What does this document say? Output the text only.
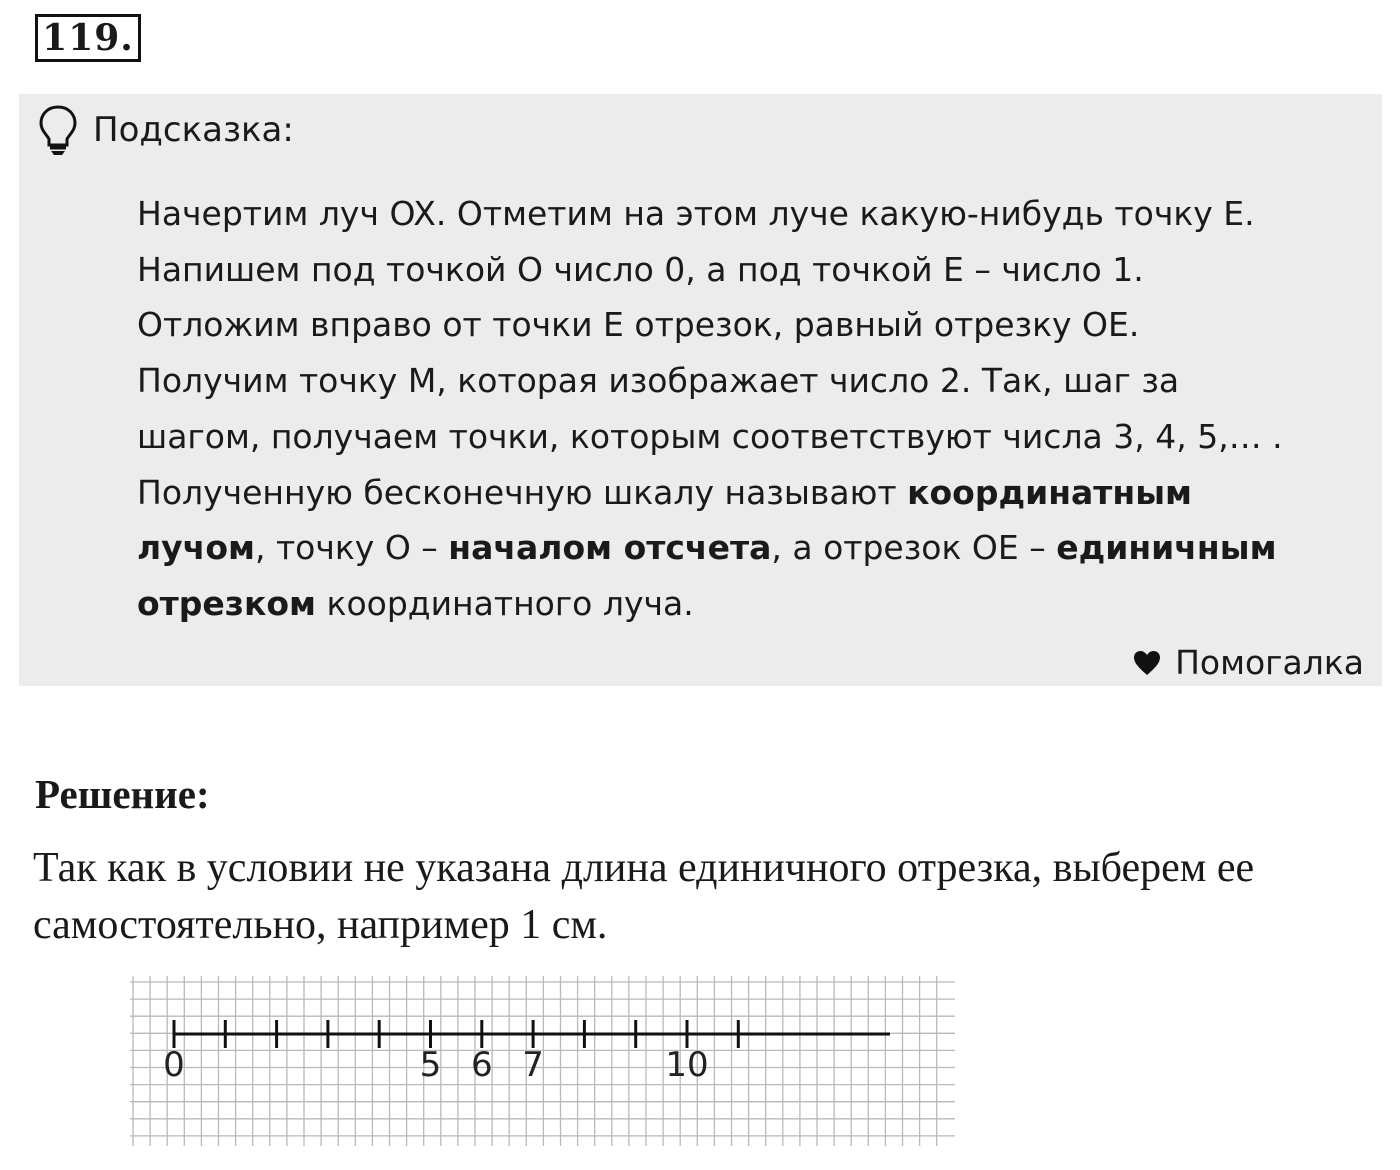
119.
Подсказка:
Начертим луч OX. Отметим на этом луче какую-нибудь точку E.
Напишем под точкой O число 0, а под точкой E – число 1.
Отложим вправо от точки E отрезок, равный отрезку OE.
Получим точку M, которая изображает число 2. Так, шаг за
шагом, получаем точки, которым соответствуют числа 3, 4, 5,… .
Полученную бесконечную шкалу называют координатным
лучом, точку O – началом отсчета, а отрезок OE – единичным
отрезком координатного луча.
Помогалка
Решение:
Так как в условии не указана длина единичного отрезка, выберем ее
самостоятельно, например 1 см.
0	5 6 7	10
